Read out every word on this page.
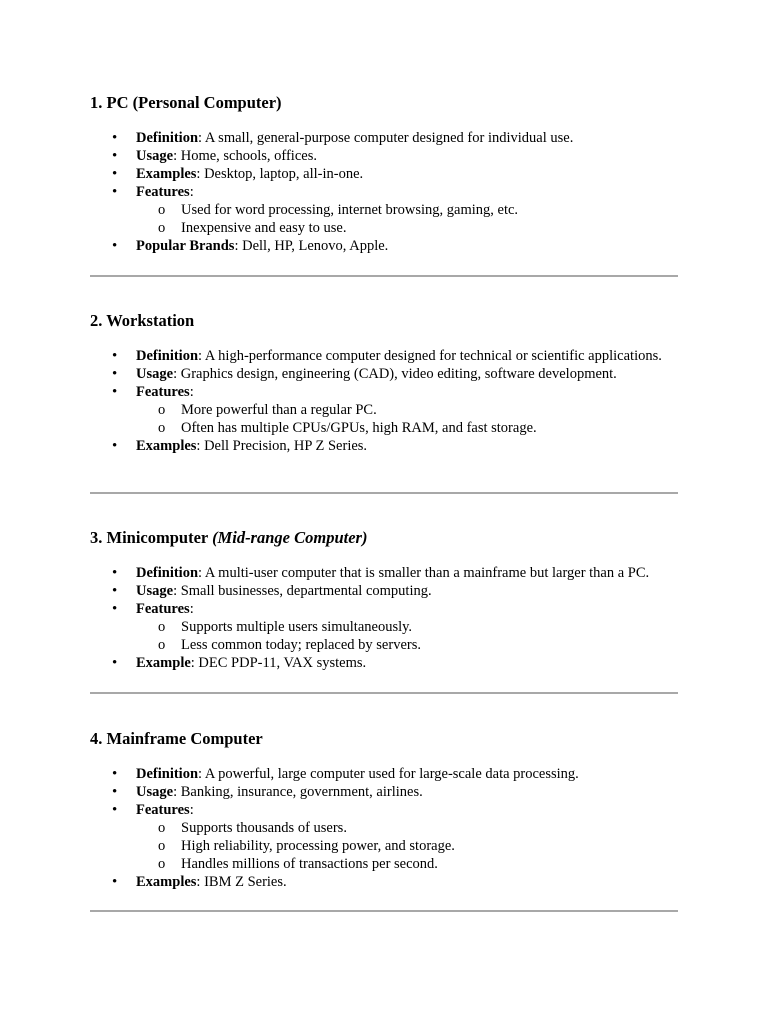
1. PC (Personal Computer)
• Definition: A small, general-purpose computer designed for individual use.
• Usage: Home, schools, offices.
• Examples: Desktop, laptop, all-in-one.
• Features:
o Used for word processing, internet browsing, gaming, etc.
o Inexpensive and easy to use.
• Popular Brands: Dell, HP, Lenovo, Apple.
2. Workstation
• Definition: A high-performance computer designed for technical or scientific applications.
• Usage: Graphics design, engineering (CAD), video editing, software development.
• Features:
o More powerful than a regular PC.
o Often has multiple CPUs/GPUs, high RAM, and fast storage.
• Examples: Dell Precision, HP Z Series.
3. Minicomputer (Mid-range Computer)
• Definition: A multi-user computer that is smaller than a mainframe but larger than a PC.
• Usage: Small businesses, departmental computing.
• Features:
o Supports multiple users simultaneously.
o Less common today; replaced by servers.
• Example: DEC PDP-11, VAX systems.
4. Mainframe Computer
• Definition: A powerful, large computer used for large-scale data processing.
• Usage: Banking, insurance, government, airlines.
• Features:
o Supports thousands of users.
o High reliability, processing power, and storage.
o Handles millions of transactions per second.
• Examples: IBM Z Series.
